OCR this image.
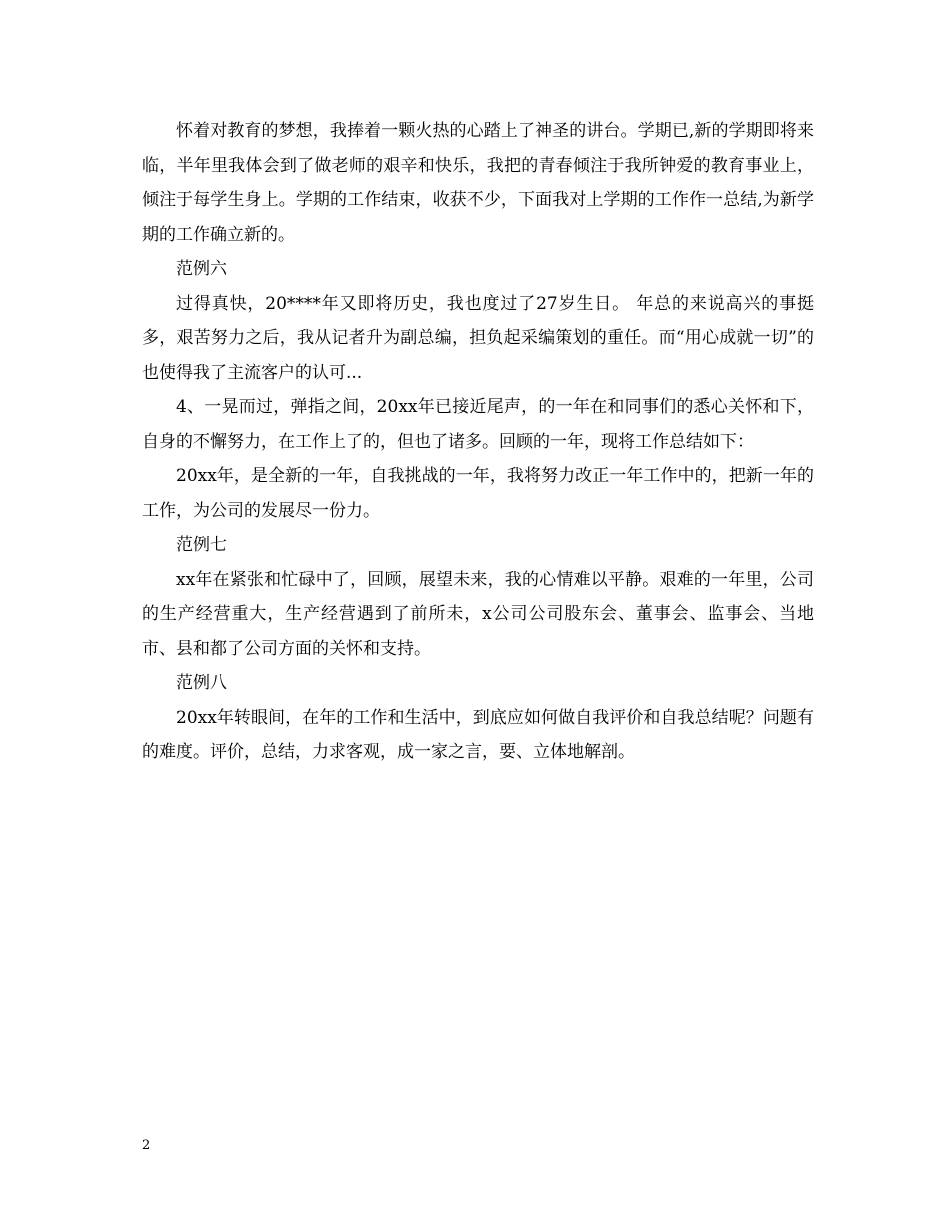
怀着对教育的梦想，我捧着一颗火热的心踏上了神圣的讲台。学期已,新的学期即将来临，半年里我体会到了做老师的艰辛和快乐，我把的青春倾注于我所钟爱的教育事业上，倾注于每学生身上。学期的工作结束，收获不少，下面我对上学期的工作作一总结,为新学期的工作确立新的。

范例六

过得真快，20****年又即将历史，我也度过了27岁生日。 年总的来说高兴的事挺多，艰苦努力之后，我从记者升为副总编，担负起采编策划的重任。而“用心成就一切”的也使得我了主流客户的认可...

4、一晃而过，弹指之间，20xx年已接近尾声，的一年在和同事们的悉心关怀和下，自身的不懈努力，在工作上了的，但也了诸多。回顾的一年，现将工作总结如下：

20xx年，是全新的一年，自我挑战的一年，我将努力改正一年工作中的，把新一年的工作，为公司的发展尽一份力。

范例七

xx年在紧张和忙碌中了，回顾，展望未来，我的心情难以平静。艰难的一年里，公司的生产经营重大，生产经营遇到了前所未，x公司公司股东会、董事会、监事会、当地市、县和都了公司方面的关怀和支持。

范例八

20xx年转眼间，在年的工作和生活中，到底应如何做自我评价和自我总结呢？问题有的难度。评价，总结，力求客观，成一家之言，要、立体地解剖。

2
